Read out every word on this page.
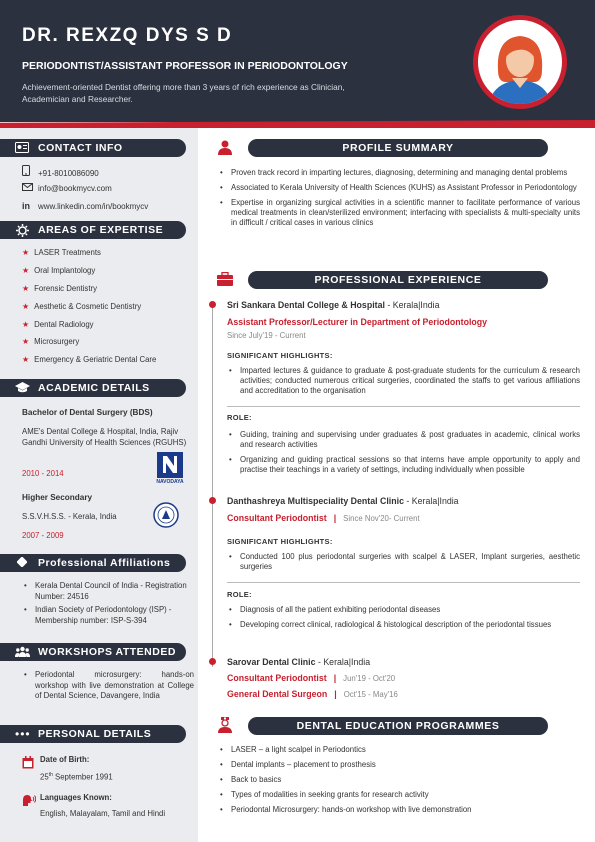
DR. REXZQ DYS S D
PERIODONTIST/ASSISTANT PROFESSOR IN PERIODONTOLOGY
Achievement-oriented Dentist offering more than 3 years of rich experience as Clinician, Academician and Researcher.
CONTACT INFO
+91-8010086090
info@bookmycv.com
in www.linkedin.com/in/bookmycv
AREAS OF EXPERTISE
★ LASER Treatments
★ Oral Implantology
★ Forensic Dentistry
★ Aesthetic & Cosmetic Dentistry
★ Dental Radiology
★ Microsurgery
★ Emergency & Geriatric Dental Care
ACADEMIC DETAILS
Bachelor of Dental Surgery (BDS)
AME's Dental College & Hospital, India, Rajiv Gandhi University of Health Sciences (RGUHS)
2010 - 2014
NAVODAYA
Higher Secondary
S.S.V.H.S.S. - Kerala, India
2007 - 2009
Professional Affiliations
• Kerala Dental Council of India - Registration Number: 24516
• Indian Society of Periodontology (ISP) - Membership number: ISP-S-394
WORKSHOPS ATTENDED
• Periodontal microsurgery: hands-on workshop with live demonstration at College of Dental Science, Davangere, India
••• PERSONAL DETAILS
Date of Birth:
25th September 1991
Languages Known:
English, Malayalam, Tamil and Hindi
PROFILE SUMMARY
• Proven track record in imparting lectures, diagnosing, determining and managing dental problems
• Associated to Kerala University of Health Sciences (KUHS) as Assistant Professor in Periodontology
• Expertise in organizing surgical activities in a scientific manner to facilitate performance of various medical treatments in clean/sterilized environment; interfacing with specialists & multi-specialty units in difficult / critical cases in various clinics
PROFESSIONAL EXPERIENCE
Sri Sankara Dental College & Hospital - Kerala|India
Assistant Professor/Lecturer in Department of Periodontology
Since July'19 - Current
SIGNIFICANT HIGHLIGHTS:
• Imparted lectures & guidance to graduate & post-graduate students for the curriculum & research activities; conducted numerous critical surgeries, coordinated the staffs to get various affiliations and accreditation to the organisation
ROLE:
• Guiding, training and supervising under graduates & post graduates in academic, clinical works and research activities
• Organizing and guiding practical sessions so that interns have ample opportunity to apply and practise their teachings in a variety of settings, including individually when possible
Danthashreya Multispeciality Dental Clinic - Kerala|India
Consultant Periodontist | Since Nov'20- Current
SIGNIFICANT HIGHLIGHTS:
• Conducted 100 plus periodontal surgeries with scalpel & LASER, Implant surgeries, aesthetic surgeries
ROLE:
• Diagnosis of all the patient exhibiting periodontal diseases
• Developing correct clinical, radiological & histological description of the periodontal tissues
Sarovar Dental Clinic - Kerala|India
Consultant Periodontist | Jun'19 - Oct'20
General Dental Surgeon | Oct'15 - May'16
DENTAL EDUCATION PROGRAMMES
• LASER – a light scalpel in Periodontics
• Dental implants – placement to prosthesis
• Back to basics
• Types of modalities in seeking grants for research activity
• Periodontal Microsurgery: hands-on workshop with live demonstration
